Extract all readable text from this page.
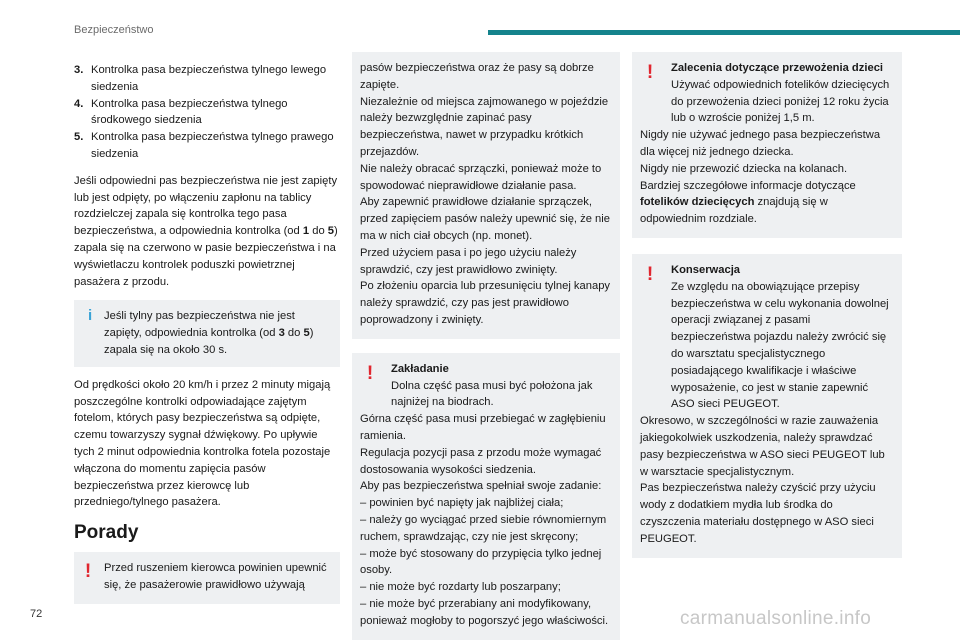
Bezpieczeństwo
3. Kontrolka pasa bezpieczeństwa tylnego lewego siedzenia
4. Kontrolka pasa bezpieczeństwa tylnego środkowego siedzenia
5. Kontrolka pasa bezpieczeństwa tylnego prawego siedzenia
Jeśli odpowiedni pas bezpieczeństwa nie jest zapięty lub jest odpięty, po włączeniu zapłonu na tablicy rozdzielczej zapala się kontrolka tego pasa bezpieczeństwa, a odpowiednia kontrolka (od 1 do 5) zapala się na czerwono w pasie bezpieczeństwa i na wyświetlaczu kontrolek poduszki powietrznej pasażera z przodu.
i	Jeśli tylny pas bezpieczeństwa nie jest zapięty, odpowiednia kontrolka (od 3 do 5) zapala się na około 30 s.
Od prędkości około 20 km/h i przez 2 minuty migają poszczególne kontrolki odpowiadające zajętym fotelom, których pasy bezpieczeństwa są odpięte, czemu towarzyszy sygnał dźwiękowy. Po upływie tych 2 minut odpowiednia kontrolka fotela pozostaje włączona do momentu zapięcia pasów bezpieczeństwa przez kierowcę lub przedniego/tylnego pasażera.
Porady
! Przed ruszeniem kierowca powinien upewnić się, że pasażerowie prawidłowo używają
pasów bezpieczeństwa oraz że pasy są dobrze zapięte.
Niezależnie od miejsca zajmowanego w pojeździe należy bezwzględnie zapinać pasy bezpieczeństwa, nawet w przypadku krótkich przejazdów.
Nie należy obracać sprzączki, ponieważ może to spowodować nieprawidłowe działanie pasa.
Aby zapewnić prawidłowe działanie sprzączek, przed zapięciem pasów należy upewnić się, że nie ma w nich ciał obcych (np. monet).
Przed użyciem pasa i po jego użyciu należy sprawdzić, czy jest prawidłowo zwinięty.
Po złożeniu oparcia lub przesunięciu tylnej kanapy należy sprawdzić, czy pas jest prawidłowo poprowadzony i zwinięty.
!	Zakładanie
Dolna część pasa musi być położona jak najniżej na biodrach.
Górna część pasa musi przebiegać w zagłębieniu ramienia.
Regulacja pozycji pasa z przodu może wymagać dostosowania wysokości siedzenia.
Aby pas bezpieczeństwa spełniał swoje zadanie:
– powinien być napięty jak najbliżej ciała;
– należy go wyciągać przed siebie równomiernym ruchem, sprawdzając, czy nie jest skręcony;
– może być stosowany do przypięcia tylko jednej osoby.
– nie może być rozdarty lub poszarpany;
– nie może być przerabiany ani modyfikowany, ponieważ mogłoby to pogorszyć jego właściwości.
!	Zalecenia dotyczące przewożenia dzieci
Używać odpowiednich fotelików dziecięcych do przewożenia dzieci poniżej 12 roku życia lub o wzroście poniżej 1,5 m.
Nigdy nie używać jednego pasa bezpieczeństwa dla więcej niż jednego dziecka.
Nigdy nie przewozić dziecka na kolanach.
Bardziej szczegółowe informacje dotyczące fotelików dziecięcych znajdują się w odpowiednim rozdziale.
!	Konserwacja
Ze względu na obowiązujące przepisy bezpieczeństwa w celu wykonania dowolnej operacji związanej z pasami bezpieczeństwa pojazdu należy zwrócić się do warsztatu specjalistycznego posiadającego kwalifikacje i właściwe wyposażenie, co jest w stanie zapewnić ASO sieci PEUGEOT.
Okresowo, w szczególności w razie zauważenia jakiegokolwiek uszkodzenia, należy sprawdzać pasy bezpieczeństwa w ASO sieci PEUGEOT lub w warsztacie specjalistycznym.
Pas bezpieczeństwa należy czyścić przy użyciu wody z dodatkiem mydła lub środka do czyszczenia materiału dostępnego w ASO sieci PEUGEOT.
72	carmanualsonline.info
